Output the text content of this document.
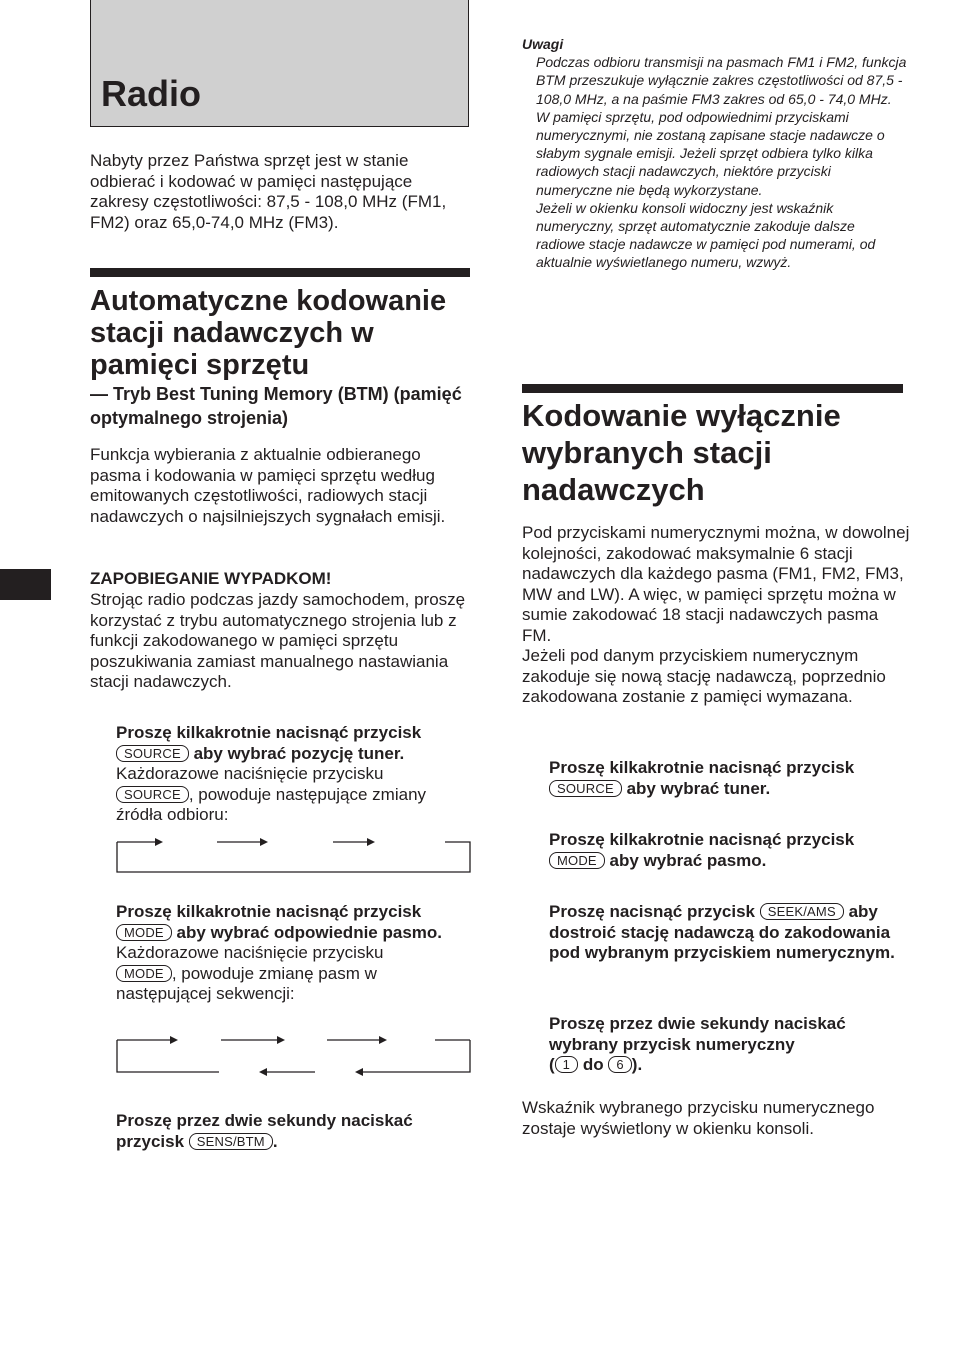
Radio

Nabyty przez Państwa sprzęt jest w stanie odbierać i kodować w pamięci następujące zakresy częstotliwości: 87,5 - 108,0 MHz (FM1, FM2) oraz 65,0-74,0 MHz (FM3).

Automatyczne kodowanie stacji nadawczych w pamięci sprzętu

— Tryb Best Tuning Memory (BTM) (pamięć optymalnego strojenia)

Funkcja wybierania z aktualnie odbieranego pasma i kodowania w pamięci sprzętu według emitowanych częstotliwości, radiowych stacji nadawczych o najsilniejszych sygnałach emisji.

ZAPOBIEGANIE WYPADKOM!

Strojąc radio podczas jazdy samochodem, proszę korzystać z trybu automatycznego strojenia lub z funkcji zakodowanego w pamięci sprzętu poszukiwania zamiast manualnego nastawiania stacji nadawczych.

Proszę kilkakrotnie nacisnąć przycisk
SOURCE aby wybrać pozycję tuner.
Każdorazowe naciśnięcie przycisku
SOURCE , powoduje następujące zmiany źródła odbioru:
Proszę kilkakrotnie nacisnąć przycisk
MODE aby wybrać odpowiednie pasmo.
Każdorazowe naciśnięcie przycisku
MODE , powoduje zmianę pasm w następującej sekwencji:
Proszę przez dwie sekundy naciskać przycisk SENS/BTM .
Uwagi
Podczas odbioru transmisji na pasmach FM1 i FM2, funkcja BTM przeszukuje wyłącznie zakres częstotliwości od 87,5 - 108,0 MHz, a na paśmie FM3 zakres od 65,0 - 74,0 MHz.
W pamięci sprzętu, pod odpowiednimi przyciskami numerycznymi, nie zostaną zapisane stacje nadawcze o słabym sygnale emisji. Jeżeli sprzęt odbiera tylko kilka radiowych stacji nadawczych, niektóre przyciski numeryczne nie będą wykorzystane.
Jeżeli w okienku konsoli widoczny jest wskaźnik numeryczny, sprzęt automatycznie zakoduje dalsze radiowe stacje nadawcze w pamięci pod numerami, od aktualnie wyświetlanego numeru, wzwyż.
Kodowanie wyłącznie wybranych stacji nadawczych

Pod przyciskami numerycznymi można, w dowolnej kolejności, zakodować maksymalnie 6 stacji nadawczych dla każdego pasma (FM1, FM2, FM3, MW and LW). A więc, w pamięci sprzętu można w sumie zakodować 18 stacji nadawczych pasma FM.

Jeżeli pod danym przyciskiem numerycznym zakoduje się nową stację nadawczą, poprzednio zakodowana zostanie z pamięci wymazana.

Proszę kilkakrotnie nacisnąć przycisk
SOURCE aby wybrać tuner.
Proszę kilkakrotnie nacisnąć przycisk
MODE aby wybrać pasmo.
Proszę nacisnąć przycisk SEEK/AMS aby dostroić stację nadawczą do zakodowania pod wybranym przyciskiem numerycznym.
Proszę przez dwie sekundy naciskać wybrany przycisk numeryczny
( 1 do 6 ).

Wskaźnik wybranego przycisku numerycznego zostaje wyświetlony w okienku konsoli.
